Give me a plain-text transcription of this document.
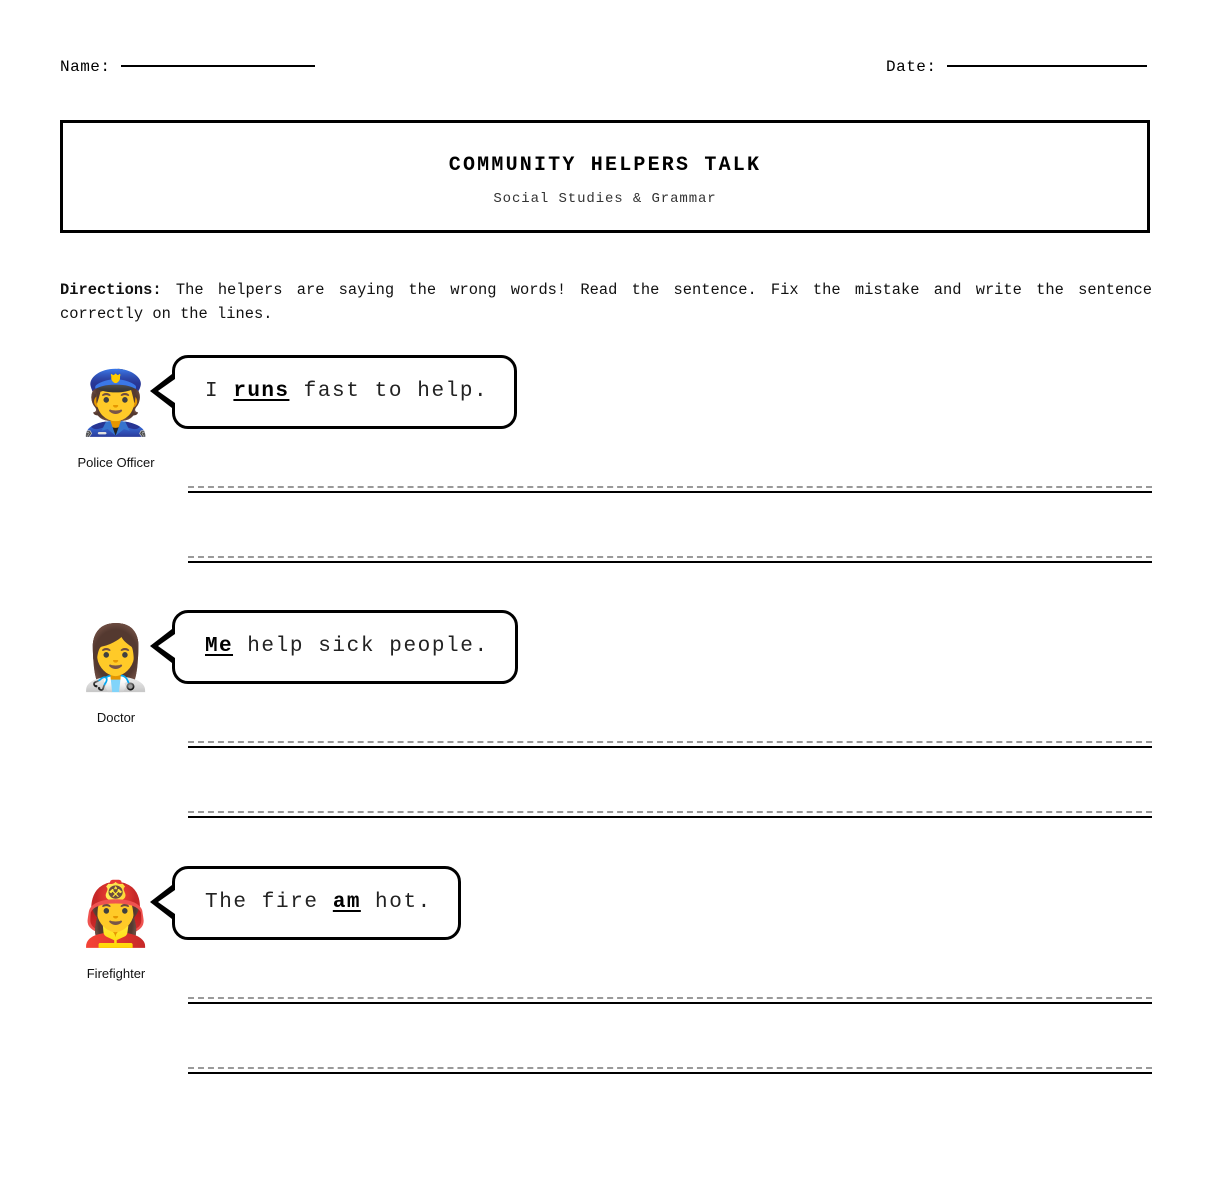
Name:	Date:
COMMUNITY HELPERS TALK
Social Studies & Grammar
Directions: The helpers are saying the wrong words! Read the sentence. Fix the mistake and write the sentence correctly on the lines.
👮
Police Officer
I runs fast to help.
👩‍⚕️
Doctor
Me help sick people.
👩‍🚒
Firefighter
The fire am hot.
